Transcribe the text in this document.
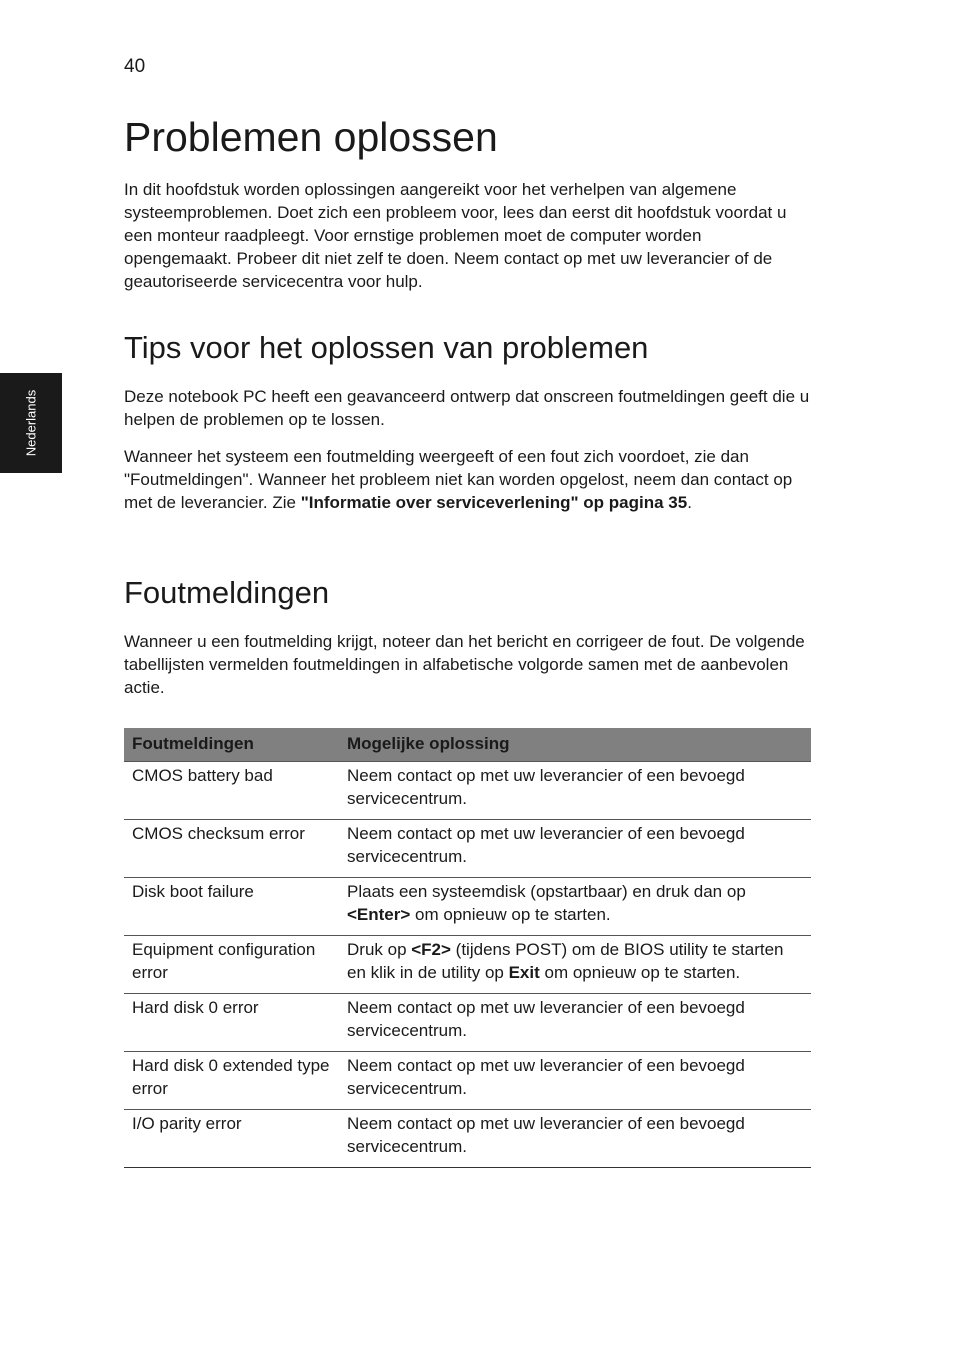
40
Nederlands
Problemen oplossen

In dit hoofdstuk worden oplossingen aangereikt voor het verhelpen van algemene systeemproblemen. Doet zich een probleem voor, lees dan eerst dit hoofdstuk voordat u een monteur raadpleegt. Voor ernstige problemen moet de computer worden opengemaakt. Probeer dit niet zelf te doen. Neem contact op met uw leverancier of de geautoriseerde servicecentra voor hulp.

Tips voor het oplossen van problemen

Deze notebook PC heeft een geavanceerd ontwerp dat onscreen foutmeldingen geeft die u helpen de problemen op te lossen.

Wanneer het systeem een foutmelding weergeeft of een fout zich voordoet, zie dan "Foutmeldingen". Wanneer het probleem niet kan worden opgelost, neem dan contact op met de leverancier. Zie "Informatie over serviceverlening" op pagina 35.

Foutmeldingen

Wanneer u een foutmelding krijgt, noteer dan het bericht en corrigeer de fout. De volgende tabellijsten vermelden foutmeldingen in alfabetische volgorde samen met de aanbevolen actie.

Foutmeldingen	Mogelijke oplossing
CMOS battery bad	Neem contact op met uw leverancier of een bevoegd servicecentrum.
CMOS checksum error	Neem contact op met uw leverancier of een bevoegd servicecentrum.
Disk boot failure	Plaats een systeemdisk (opstartbaar) en druk dan op <Enter> om opnieuw op te starten.
Equipment configuration error	Druk op <F2> (tijdens POST) om de BIOS utility te starten en klik in de utility op Exit om opnieuw op te starten.
Hard disk 0 error	Neem contact op met uw leverancier of een bevoegd servicecentrum.
Hard disk 0 extended type error	Neem contact op met uw leverancier of een bevoegd servicecentrum.
I/O parity error	Neem contact op met uw leverancier of een bevoegd servicecentrum.
